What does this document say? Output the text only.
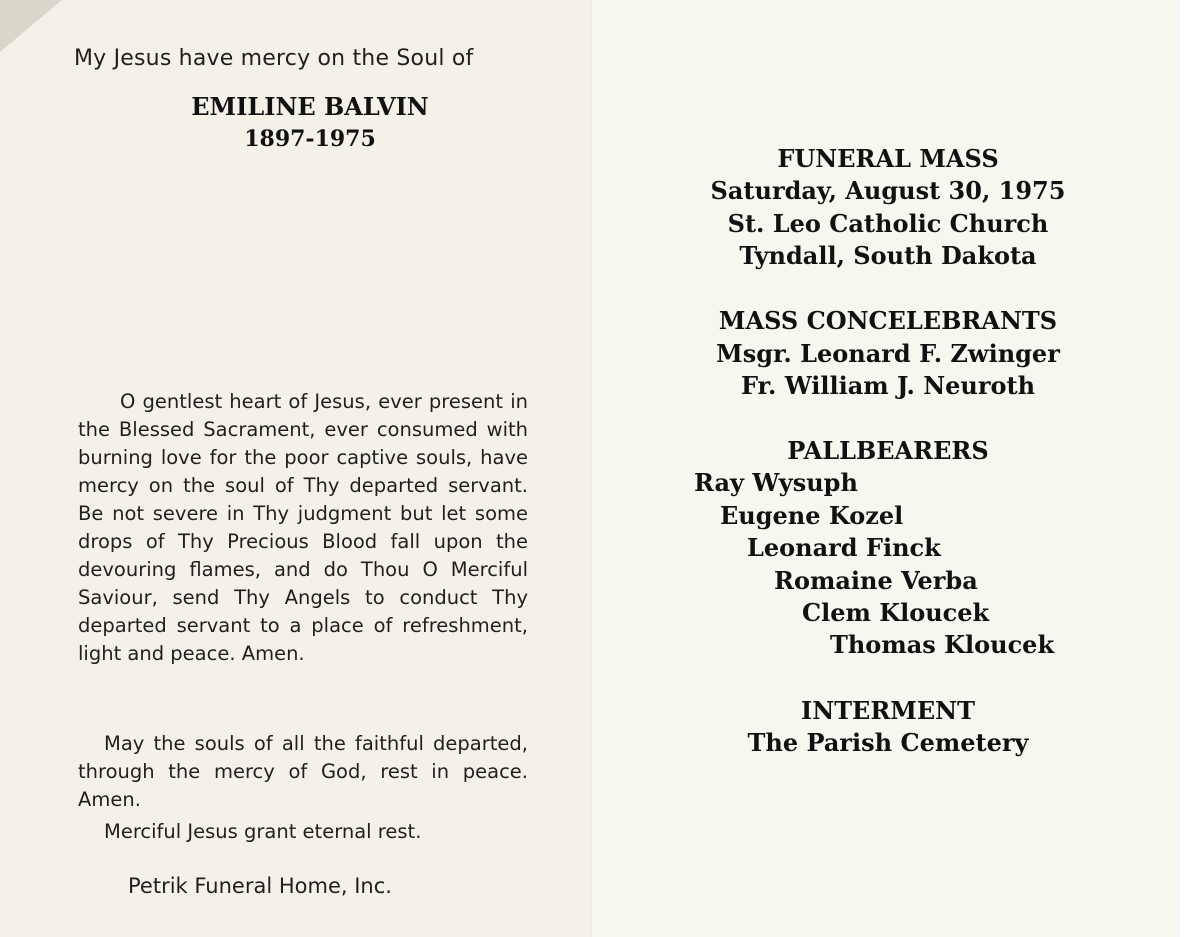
My Jesus have mercy on the Soul of
EMILINE BALVIN
1897-1975

O gentlest heart of Jesus, ever present in the Blessed Sacrament, ever consumed with burning love for the poor captive souls, have mercy on the soul of Thy departed servant. Be not severe in Thy judgment but let some drops of Thy Precious Blood fall upon the devouring flames, and do Thou O Merciful Saviour, send Thy Angels to conduct Thy departed servant to a place of refreshment, light and peace. Amen.

May the souls of all the faithful departed, through the mercy of God, rest in peace. Amen.

Merciful Jesus grant eternal rest.
Petrik Funeral Home, Inc.
FUNERAL MASS
Saturday, August 30, 1975
St. Leo Catholic Church
Tyndall, South Dakota
MASS CONCELEBRANTS
Msgr. Leonard F. Zwinger
Fr. William J. Neuroth
PALLBEARERS
Ray Wysuph
Eugene Kozel
Leonard Finck
Romaine Verba
Clem Kloucek
Thomas Kloucek
INTERMENT
The Parish Cemetery
